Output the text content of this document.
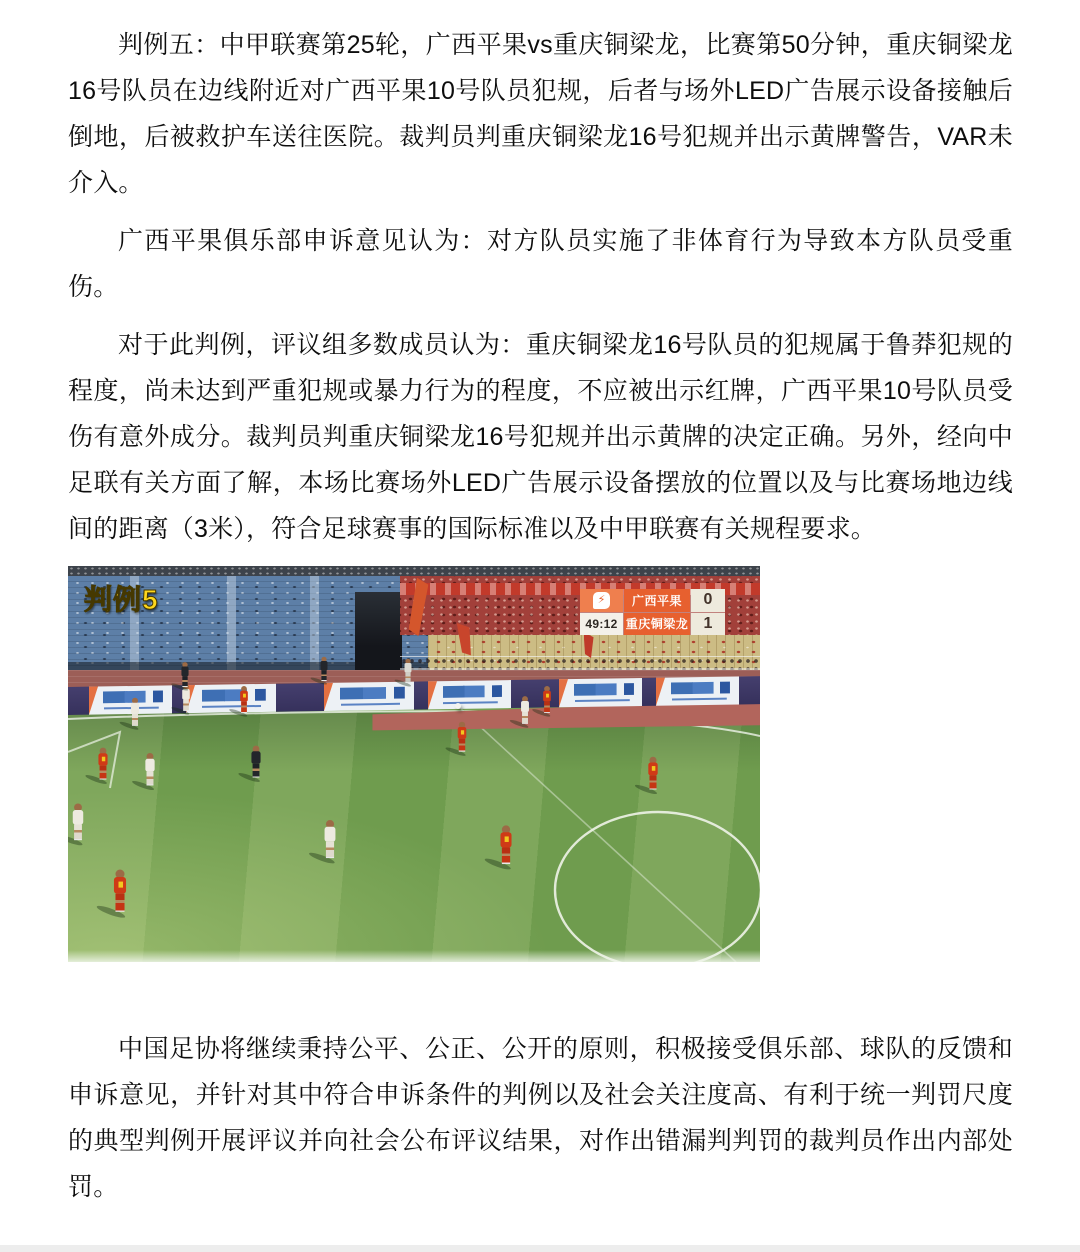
判例五：中甲联赛第25轮，广西平果vs重庆铜梁龙，比赛第50分钟，重庆铜梁龙16号队员在边线附近对广西平果10号队员犯规，后者与场外LED广告展示设备接触后倒地，后被救护车送往医院。裁判员判重庆铜梁龙16号犯规并出示黄牌警告，VAR未介入。

广西平果俱乐部申诉意见认为：对方队员实施了非体育行为导致本方队员受重伤。

对于此判例，评议组多数成员认为：重庆铜梁龙16号队员的犯规属于鲁莽犯规的程度，尚未达到严重犯规或暴力行为的程度，不应被出示红牌，广西平果10号队员受伤有意外成分。裁判员判重庆铜梁龙16号犯规并出示黄牌的决定正确。另外，经向中足联有关方面了解，本场比赛场外LED广告展示设备摆放的位置以及与比赛场地边线间的距离（3米），符合足球赛事的国际标准以及中甲联赛有关规程要求。

⚡	广西平果	0
49:12 重庆铜梁龙 1
判例5

中国足协将继续秉持公平、公正、公开的原则，积极接受俱乐部、球队的反馈和申诉意见，并针对其中符合申诉条件的判例以及社会关注度高、有利于统一判罚尺度的典型判例开展评议并向社会公布评议结果，对作出错漏判判罚的裁判员作出内部处罚。
